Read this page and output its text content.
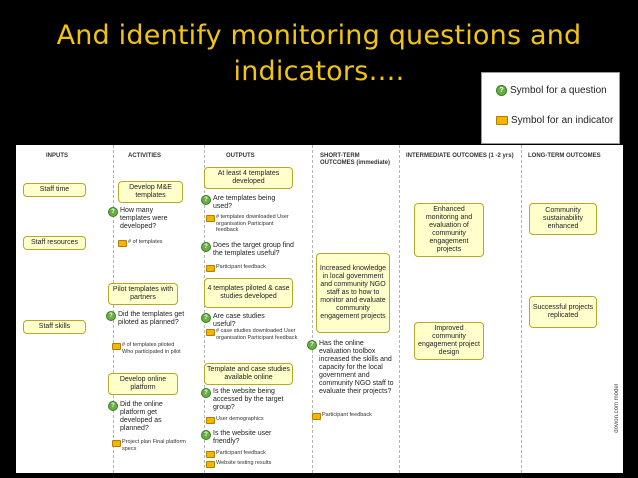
And identify monitoring questions and
indicators….
? Symbol for a question
Symbol for an indicator
INPUTS	ACTIVITIES	OUTPUTS	SHORT-TERM OUTCOMES (immediate)
INTERMEDIATE OUTCOMES (1 -2 yrs)	LONG-TERM OUTCOMES
Staff time
Staff resources
Staff skills
Develop M&E templates
Pilot templates with partners
Develop online platform
At least 4 templates developed
4 templates piloted & case studies developed
Template and case studies available online
Increased knowledge in local government and community NGO staff as to how to monitor and evaluate community engagement projects
Enhanced monitoring and evaluation of community engagement projects
Improved community engagement project design
Community sustainability enhanced
Successful projects replicated
? How many templates were developed?
? Did the templates get piloted as planned?
? Did the online platform get developed as planned?
? Are templates being used?
? Does the target group find the templates useful?
? Are case studies useful?
? Is the website being accessed by the target group?
? Is the website user friendly?
? Has the online evaluation toolbox increased the skills and capacity for the local government and community NGO staff to evaluate their projects?
# of templates
# of templates piloted Who participated in pilot
Project plan Final platform specs
# templates downloaded User organisation Participant feedback
Participant feedback
# case studies downloaded User organisation Participant feedback
User demographics
Participant feedback
Website testing results
Participant feedback	dovion.com model
